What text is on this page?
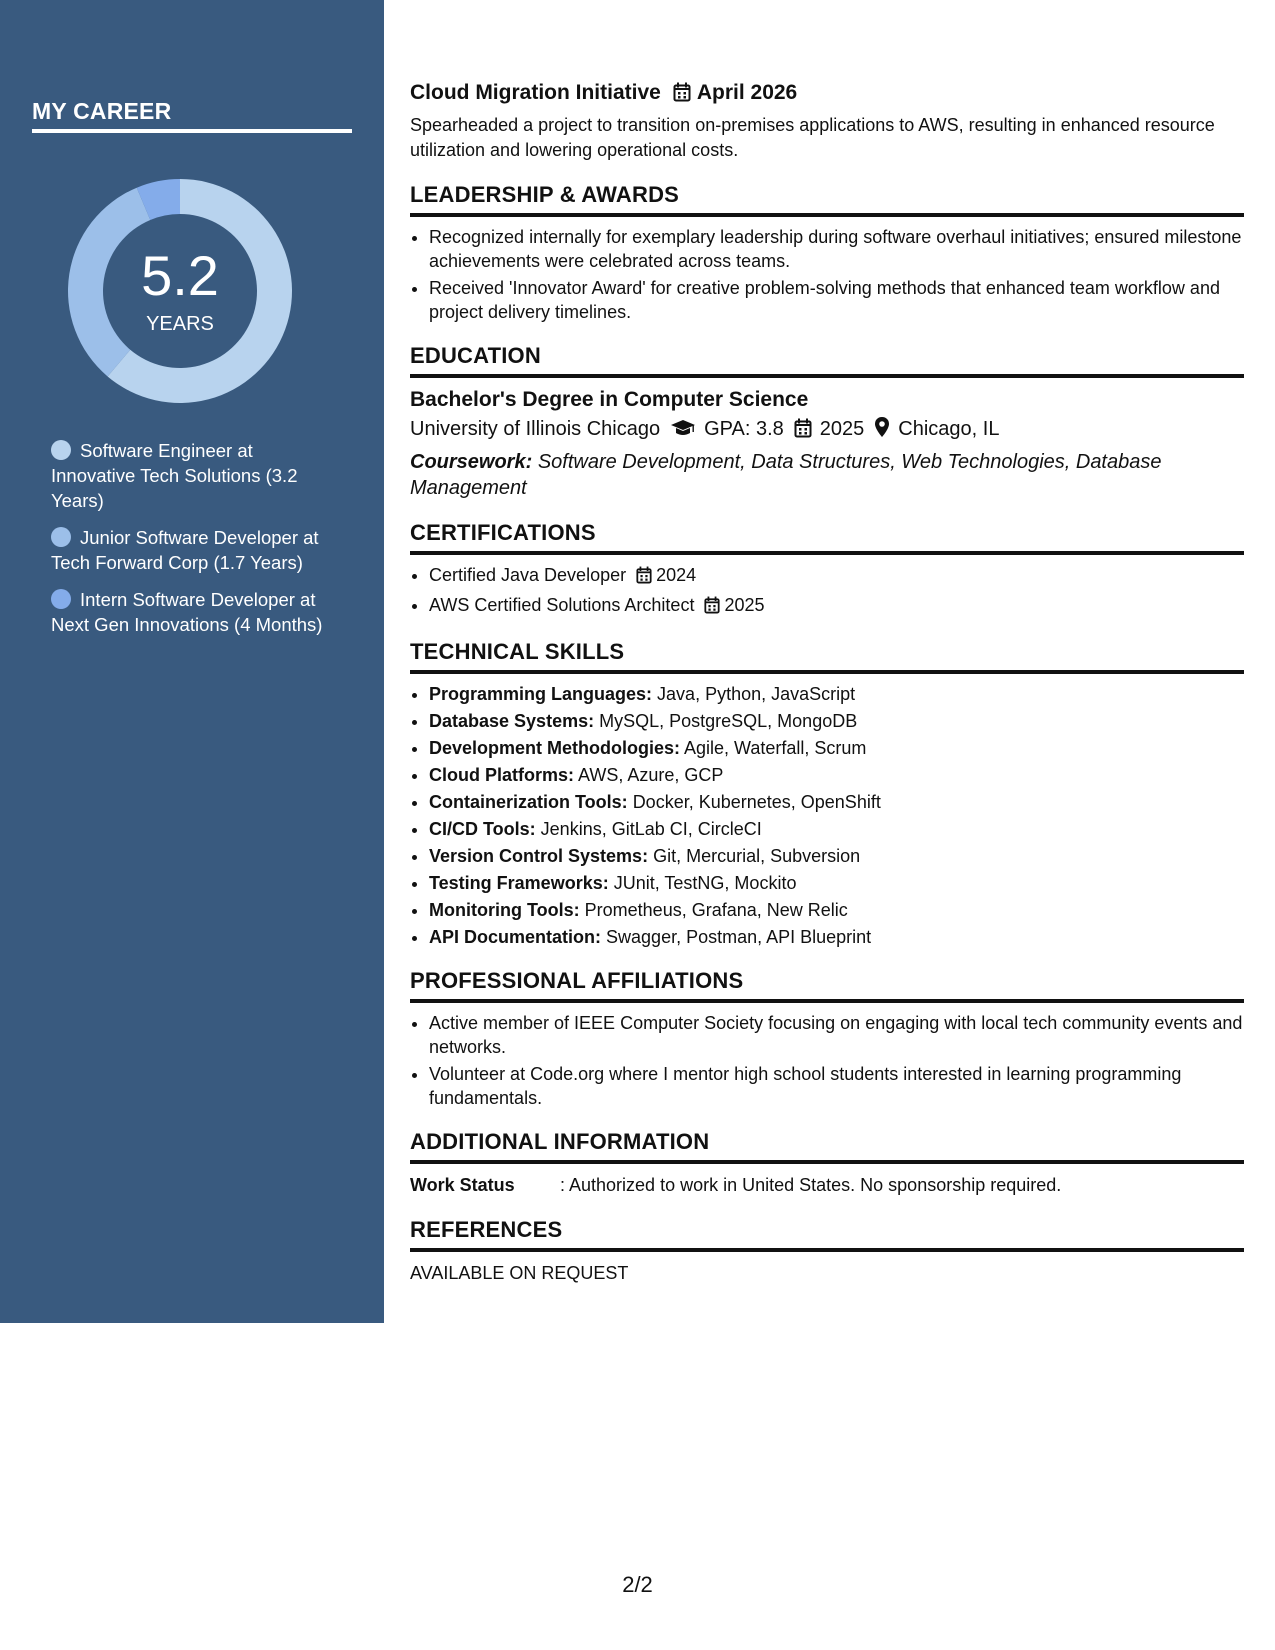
MY CAREER
5.2
YEARS
Software Engineer at Innovative Tech Solutions (3.2 Years)
Junior Software Developer at Tech Forward Corp (1.7 Years)
Intern Software Developer at Next Gen Innovations (4 Months)
Cloud Migration Initiative April 2026

Spearheaded a project to transition on-premises applications to AWS, resulting in enhanced resource utilization and lowering operational costs.

LEADERSHIP & AWARDS
• Recognized internally for exemplary leadership during software overhaul initiatives; ensured milestone achievements were celebrated across teams.
• Received 'Innovator Award' for creative problem-solving methods that enhanced team workflow and project delivery timelines.
EDUCATION
Bachelor's Degree in Computer Science
University of Illinois Chicago GPA: 3.8 2025 Chicago, IL
Coursework: Software Development, Data Structures, Web Technologies, Database Management
CERTIFICATIONS
• Certified Java Developer 2024
• AWS Certified Solutions Architect 2025
TECHNICAL SKILLS
• Programming Languages: Java, Python, JavaScript
• Database Systems: MySQL, PostgreSQL, MongoDB
• Development Methodologies: Agile, Waterfall, Scrum
• Cloud Platforms: AWS, Azure, GCP
• Containerization Tools: Docker, Kubernetes, OpenShift
• CI/CD Tools: Jenkins, GitLab CI, CircleCI
• Version Control Systems: Git, Mercurial, Subversion
• Testing Frameworks: JUnit, TestNG, Mockito
• Monitoring Tools: Prometheus, Grafana, New Relic
• API Documentation: Swagger, Postman, API Blueprint
PROFESSIONAL AFFILIATIONS
• Active member of IEEE Computer Society focusing on engaging with local tech community events and networks.
• Volunteer at Code.org where I mentor high school students interested in learning programming fundamentals.
ADDITIONAL INFORMATION
Work Status	: Authorized to work in United States. No sponsorship required.
REFERENCES
AVAILABLE ON REQUEST
2/2
